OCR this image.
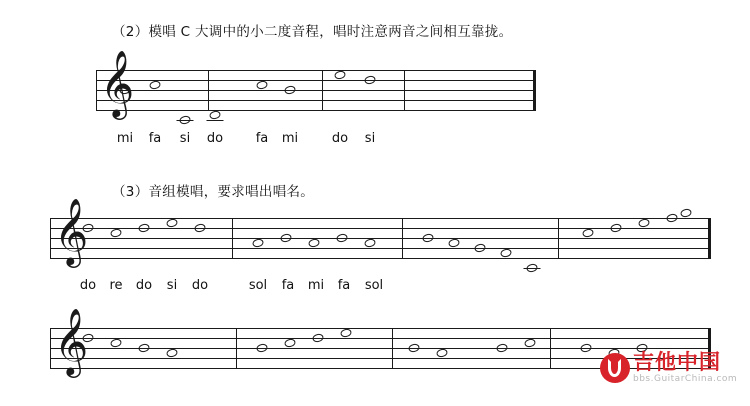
（2）模唱 C 大调中的小二度音程，唱时注意两音之间相互靠拢。
𝄞
mi fa si do	fa mi	do si
（3）音组模唱，要求唱出唱名。
𝄞
do re do si do	sol fa mi fa sol
𝄞	吉他中国
bbs.GuitarChina.com
